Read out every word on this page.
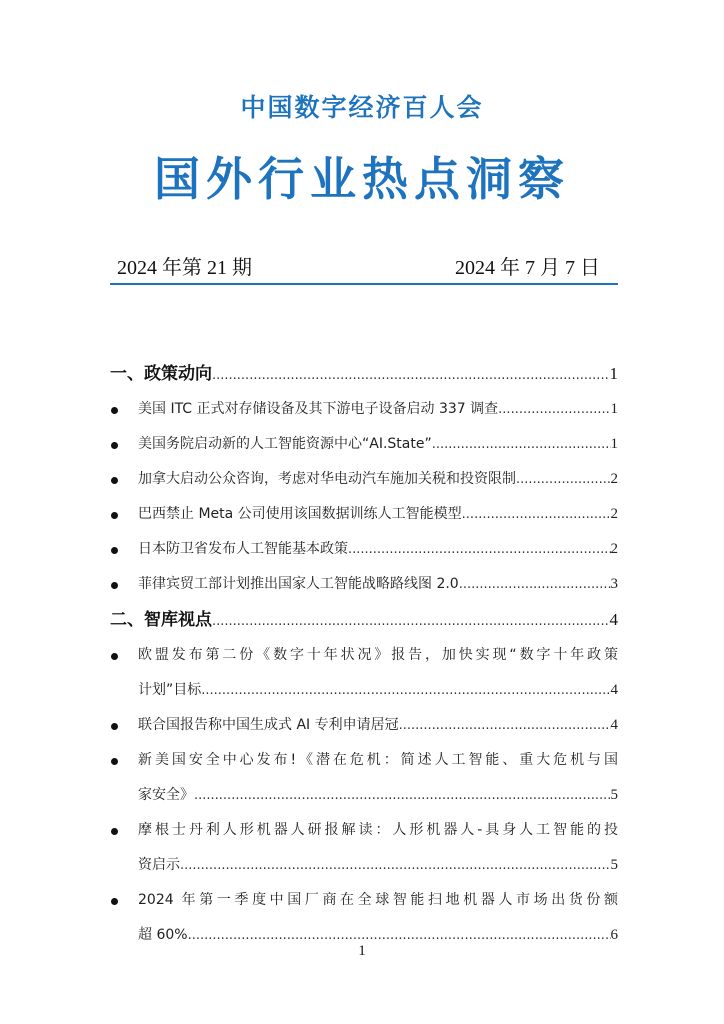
中国数字经济百人会
国外行业热点洞察
2024 年第 21 期	2024 年 7 月 7 日
一、政策动向 .....	1
美国 ITC 正式对存储设备及其下游电子设备启动 337 调查 .....	1
美国务院启动新的人工智能资源中心“AI.State” .....	1
加拿大启动公众咨询，考虑对华电动汽车施加关税和投资限制 .....	2
巴西禁止 Meta 公司使用该国数据训练人工智能模型 .....	2
日本防卫省发布人工智能基本政策 .....	2
菲律宾贸工部计划推出国家人工智能战略路线图 2.0 .....	3
二、智库视点 .....	4
欧盟发布第二份《数字十年状况》报告，加快实现“数字十年政策
计划”目标 .....	4
联合国报告称中国生成式 AI 专利申请居冠 .....	4
新美国安全中心发布!《潜在危机：简述人工智能、重大危机与国
家安全》 .....	5
摩根士丹利人形机器人研报解读：人形机器人-具身人工智能的投
资启示 .....	5
2024 年第一季度中国厂商在全球智能扫地机器人市场出货份额
超 60% .....	6
1
